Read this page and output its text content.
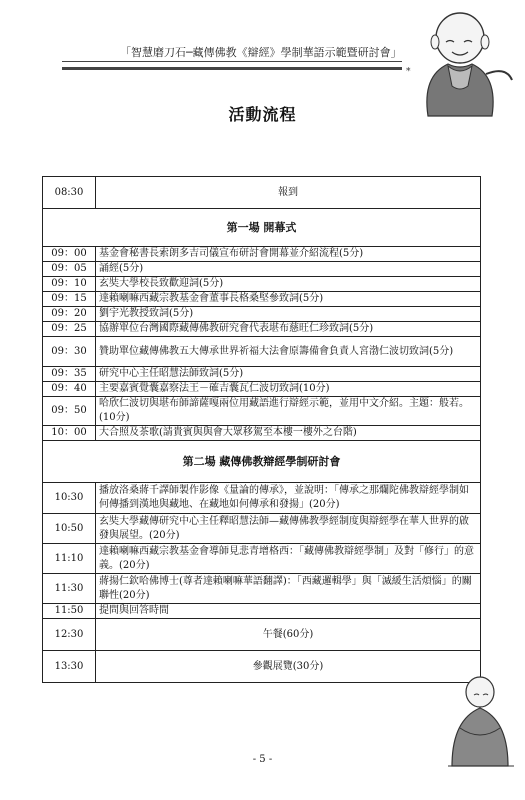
「智慧磨刀石─藏傳佛教《辯經》學制華語示範暨研討會」
*
活動流程
08:30	報到
第一場 開幕式	
09：00	基金會秘書長索朗多吉司儀宣布研討會開幕並介紹流程(5分)
09：05	誦經(5分)
09：10	玄奘大學校長致歡迎詞(5分)
09：15	達賴喇嘛西藏宗教基金會董事長格桑堅參致詞(5分)
09：20	劉宇光教授致詞(5分)
09：25	協辦單位台灣國際藏傳佛教研究會代表堪布慈旺仁珍致詞(5分)
09：30	贊助單位藏傳佛教五大傳承世界祈福大法會原籌備會負責人宮渤仁波切致詞(5分)
09：35	研究中心主任昭慧法師致詞(5分)
09：40	主要嘉賓覺囊嘉察法王－確吉囊瓦仁波切致詞(10分)
09：50	哈欣仁波切與堪布師諦薩嘎兩位用藏語進行辯經示範，並用中文介紹。主題：般若。(10分)
10：00	大合照及茶歌(請貴賓與與會大眾移駕至本樓一樓外之台階)
第二場 藏傳佛教辯經學制研討會	
10:30	播放洛桑蔣千譯師製作影像《量論的傳承》，並說明：「傳承之那爛陀佛教辯經學制如何傳播到漢地與藏地、在藏地如何傳承和發揚」(20分)
10:50	玄奘大學藏傳研究中心主任釋昭慧法師—藏傳佛教學經制度與辯經學在華人世界的啟發與展望。(20分)
11:10	達賴喇嘛西藏宗教基金會導師見悲青增格西：「藏傳佛教辯經學制」及對「修行」的意義。(20分)
11:30	蔣揚仁欽哈佛博士(尊者達賴喇嘛華語翻譯)：「西藏邏輯學」與「滅緩生活煩惱」的關聯性(20分)
11:50	提問與回答時間
12:30	午餐(60分)
13:30	參觀展覽(30分)
- 5 -
